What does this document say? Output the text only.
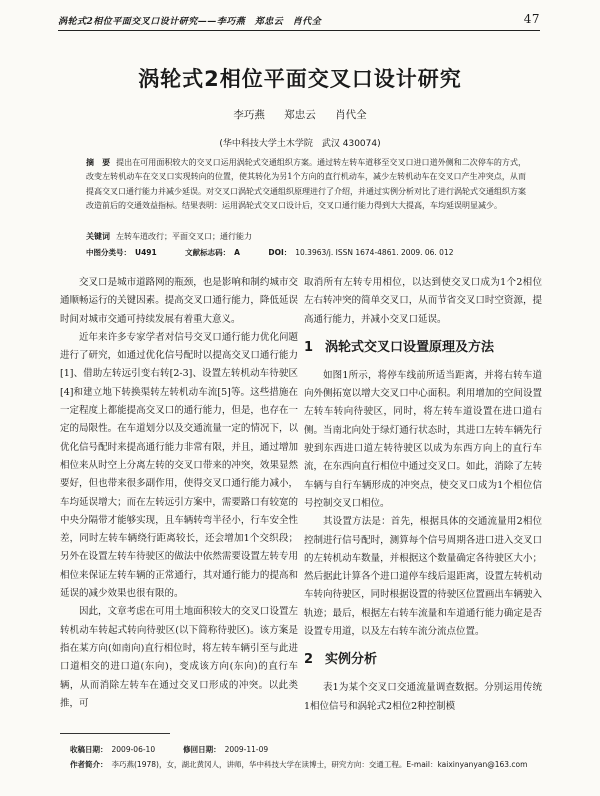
涡轮式2相位平面交叉口设计研究——李巧燕　郑忠云　肖代全	47
涡轮式2相位平面交叉口设计研究
李巧燕 郑忠云 肖代全
(华中科技大学土木学院　武汉 430074)
摘　要 提出在可用面积较大的交叉口运用涡轮式交通组织方案。通过转左转车道移至交叉口进口道外侧和二次停车的方式，改变左转机动车在交叉口实现转向的位置，使其转化为另1个方向的直行机动车，减少左转机动车在交叉口产生冲突点，从而提高交叉口通行能力并减少延误。对交叉口涡轮式交通组织原理进行了介绍，并通过实例分析对比了进行涡轮式交通组织方案改造前后的交通效益指标。结果表明：运用涡轮式交叉口设计后，交叉口通行能力得到大大提高，车均延误明显减少。
关键词 左转车道改行；平面交叉口；通行能力
中图分类号： U491	文献标志码： A	DOI： 10.3963/j. ISSN 1674-4861. 2009. 06. 012

交叉口是城市道路网的瓶颈，也是影响和制约城市交通顺畅运行的关键因素。提高交叉口通行能力，降低延误时间对城市交通可持续发展有着重大意义。

近年来许多专家学者对信号交叉口通行能力优化问题进行了研究，如通过优化信号配时以提高交叉口通行能力[1]、借助左转远引变右转[2-3]、设置左转机动车待驶区[4]和建立地下转换渠转左转机动车流[5]等。这些措施在一定程度上都能提高交叉口的通行能力，但是，也存在一定的局限性。在车道划分以及交通流量一定的情况下，以优化信号配时来提高通行能力非常有限，并且，通过增加相位来从时空上分离左转的交叉口带来的冲突，效果显然要好，但也带来很多副作用，使得交叉口通行能力减小，车均延误增大；而在左转远引方案中，需要路口有较宽的中央分隔带才能够实现，且车辆转弯半径小，行车安全性差，同时左转车辆绕行距离较长，还会增加1个交织段；另外在设置左转车待驶区的做法中依然需要设置左转专用相位来保证左转车辆的正常通行，其对通行能力的提高和延误的减少效果也很有限的。

因此，文章考虑在可用土地面积较大的交叉口设置左转机动车转起式转向待驶区(以下简称待驶区)。该方案是指在某方向(如南向)直行相位时，将左转车辆引至与此进口道相交的进口道(东向)，变成该方向(东向)的直行车辆，从而消除左转车在通过交叉口形成的冲突。以此类推，可

取消所有左转专用相位，以达到使交叉口成为1个2相位左右转冲突的简单交叉口，从而节省交叉口时空资源，提高通行能力，并减小交叉口延误。

1 涡轮式交叉口设置原理及方法

如图1所示，将停车线前所适当距离，并将右转车道向外侧拓宽以增大交叉口中心面积。利用增加的空间设置左转车转向待驶区，同时，将左转车道设置在进口道右侧。当南北向处于绿灯通行状态时，其进口左转车辆先行驶到东西进口道左转待驶区以成为东西方向上的直行车流，在东西向直行相位中通过交叉口。如此，消除了左转车辆与自行车辆形成的冲突点，使交叉口成为1个相位信号控制交叉口相位。

其设置方法是：首先，根据具体的交通流量用2相位控制进行信号配时，测算每个信号周期各进口进入交叉口的左转机动车数量，并根据这个数量确定各待驶区大小；然后据此计算各个进口道停车线后退距离，设置左转机动车转向待驶区，同时根据设置的待驶区位置画出车辆驶入轨迹；最后，根据左右转车流量和车道通行能力确定是否设置专用道，以及左右转车流分流点位置。

2 实例分析

表1为某个交叉口交通流量调查数据。分别运用传统1相位信号和涡轮式2相位2种控制模

收稿日期： 2009-06-10	修回日期： 2009-11-09
作者简介： 李巧燕(1978)，女，湖北黄冈人，讲师，华中科技大学在读博士，研究方向：交通工程。E-mail：kaixinyanyan@163.com
